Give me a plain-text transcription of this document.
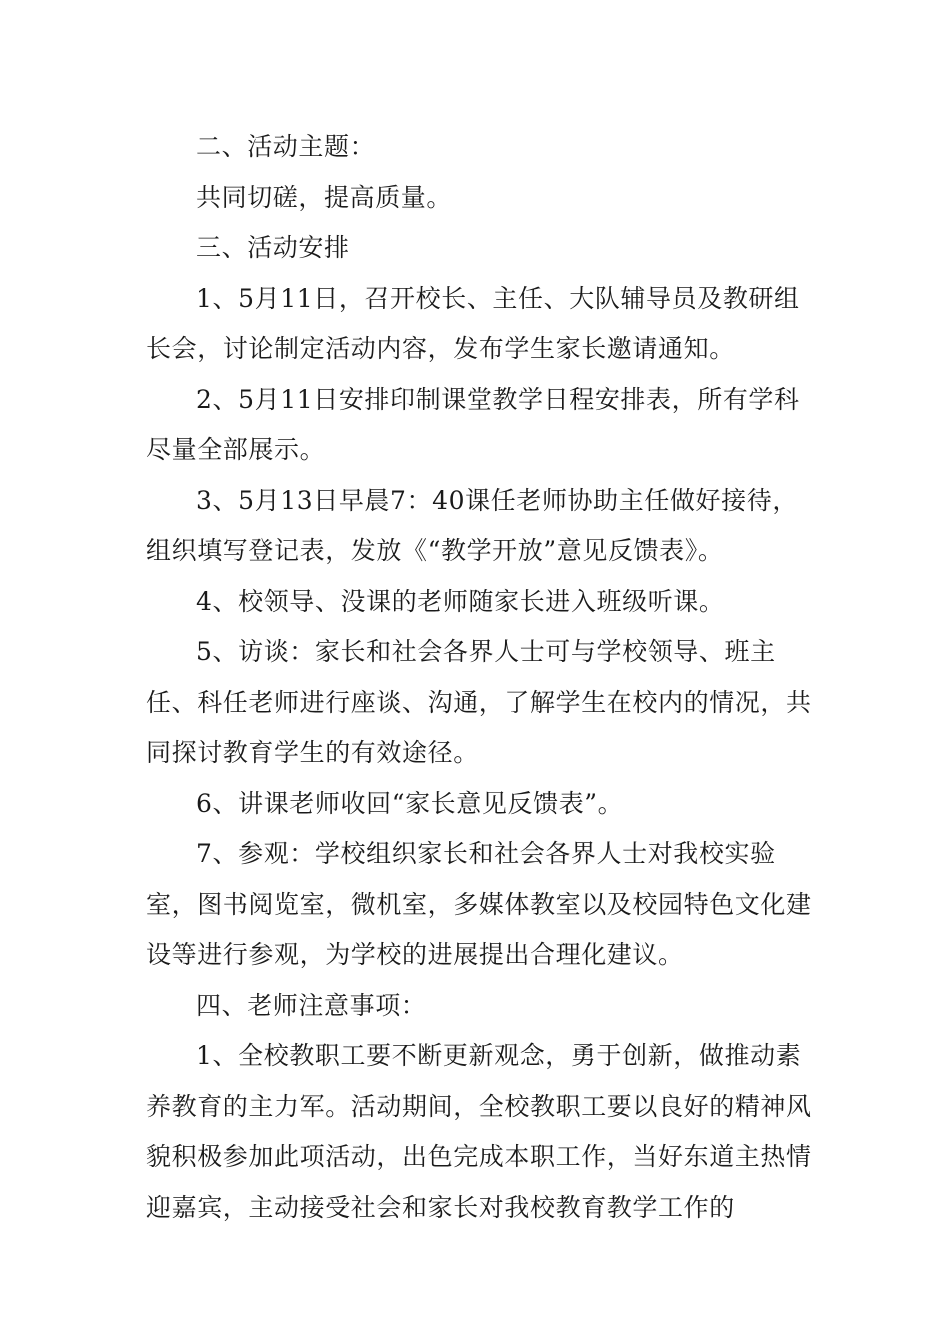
二、活动主题：

共同切磋，提高质量。

三、活动安排

1、5月11日，召开校长、主任、大队辅导员及教研组长会，讨论制定活动内容，发布学生家长邀请通知。

2、5月11日安排印制课堂教学日程安排表，所有学科尽量全部展示。

3、5月13日早晨7：40课任老师协助主任做好接待，组织填写登记表，发放《“教学开放”意见反馈表》。

4、校领导、没课的老师随家长进入班级听课。

5、访谈：家长和社会各界人士可与学校领导、班主任、科任老师进行座谈、沟通，了解学生在校内的情况，共同探讨教育学生的有效途径。

6、讲课老师收回“家长意见反馈表”。

7、参观：学校组织家长和社会各界人士对我校实验室，图书阅览室，微机室，多媒体教室以及校园特色文化建设等进行参观，为学校的进展提出合理化建议。

四、老师注意事项：

1、全校教职工要不断更新观念，勇于创新，做推动素养教育的主力军。活动期间，全校教职工要以良好的精神风貌积极参加此项活动，出色完成本职工作，当好东道主热情迎嘉宾，主动接受社会和家长对我校教育教学工作的
